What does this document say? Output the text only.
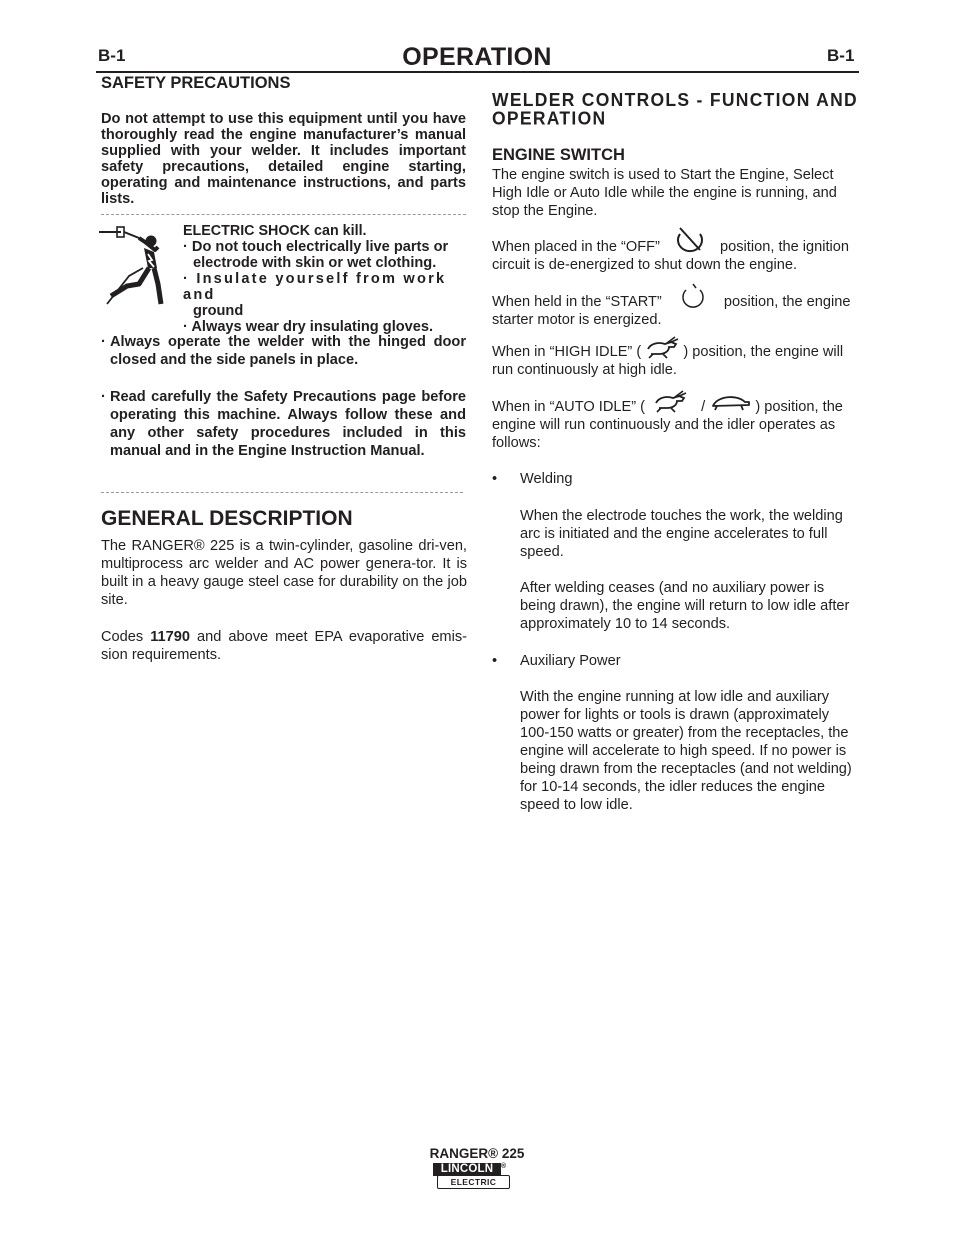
B-1	OPERATION	B-1
SAFETY PRECAUTIONS
Do not attempt to use this equipment until you have thoroughly read the engine manufacturer’s manual supplied with your welder. It includes important safety precautions, detailed engine starting, operating and maintenance instructions, and parts lists.
ELECTRIC SHOCK can kill.
· Do not touch electrically live parts or
electrode with skin or wet clothing.
· Insulate yourself from work and
ground
· Always wear dry insulating gloves.
· Always operate the welder with the hinged door closed and the side panels in place.
· Read carefully the Safety Precautions page before operating this machine. Always follow these and any other safety procedures included in this manual and in the Engine Instruction Manual.
GENERAL DESCRIPTION
The RANGER® 225 is a twin-cylinder, gasoline dri-ven, multiprocess arc welder and AC power genera-tor. It is built in a heavy gauge steel case for durability on the job site.
Codes 11790 and above meet EPA evaporative emis-sion requirements.
WELDER CONTROLS - FUNCTION AND OPERATION
ENGINE SWITCH
The engine switch is used to Start the Engine, Select High Idle or Auto Idle while the engine is running, and stop the Engine.
When placed in the “OFF”	position, the ignition circuit is de-energized to shut down the engine.
When held in the “START”	position, the engine starter motor is energized.
When in “HIGH IDLE” (	) position, the engine will run continuously at high idle.
When in “AUTO IDLE” (	/	) position, the engine will run continuously and the idler operates as follows:
• Welding
When the electrode touches the work, the welding arc is initiated and the engine accelerates to full speed.
After welding ceases (and no auxiliary power is being drawn), the engine will return to low idle after approximately 10 to 14 seconds.
• Auxiliary Power
With the engine running at low idle and auxiliary power for lights or tools is drawn (approximately 100-150 watts or greater) from the receptacles, the engine will accelerate to high speed. If no power is being drawn from the receptacles (and not welding) for 10-14 seconds, the idler reduces the engine speed to low idle.
RANGER® 225
LINCOLN	®
ELECTRIC
